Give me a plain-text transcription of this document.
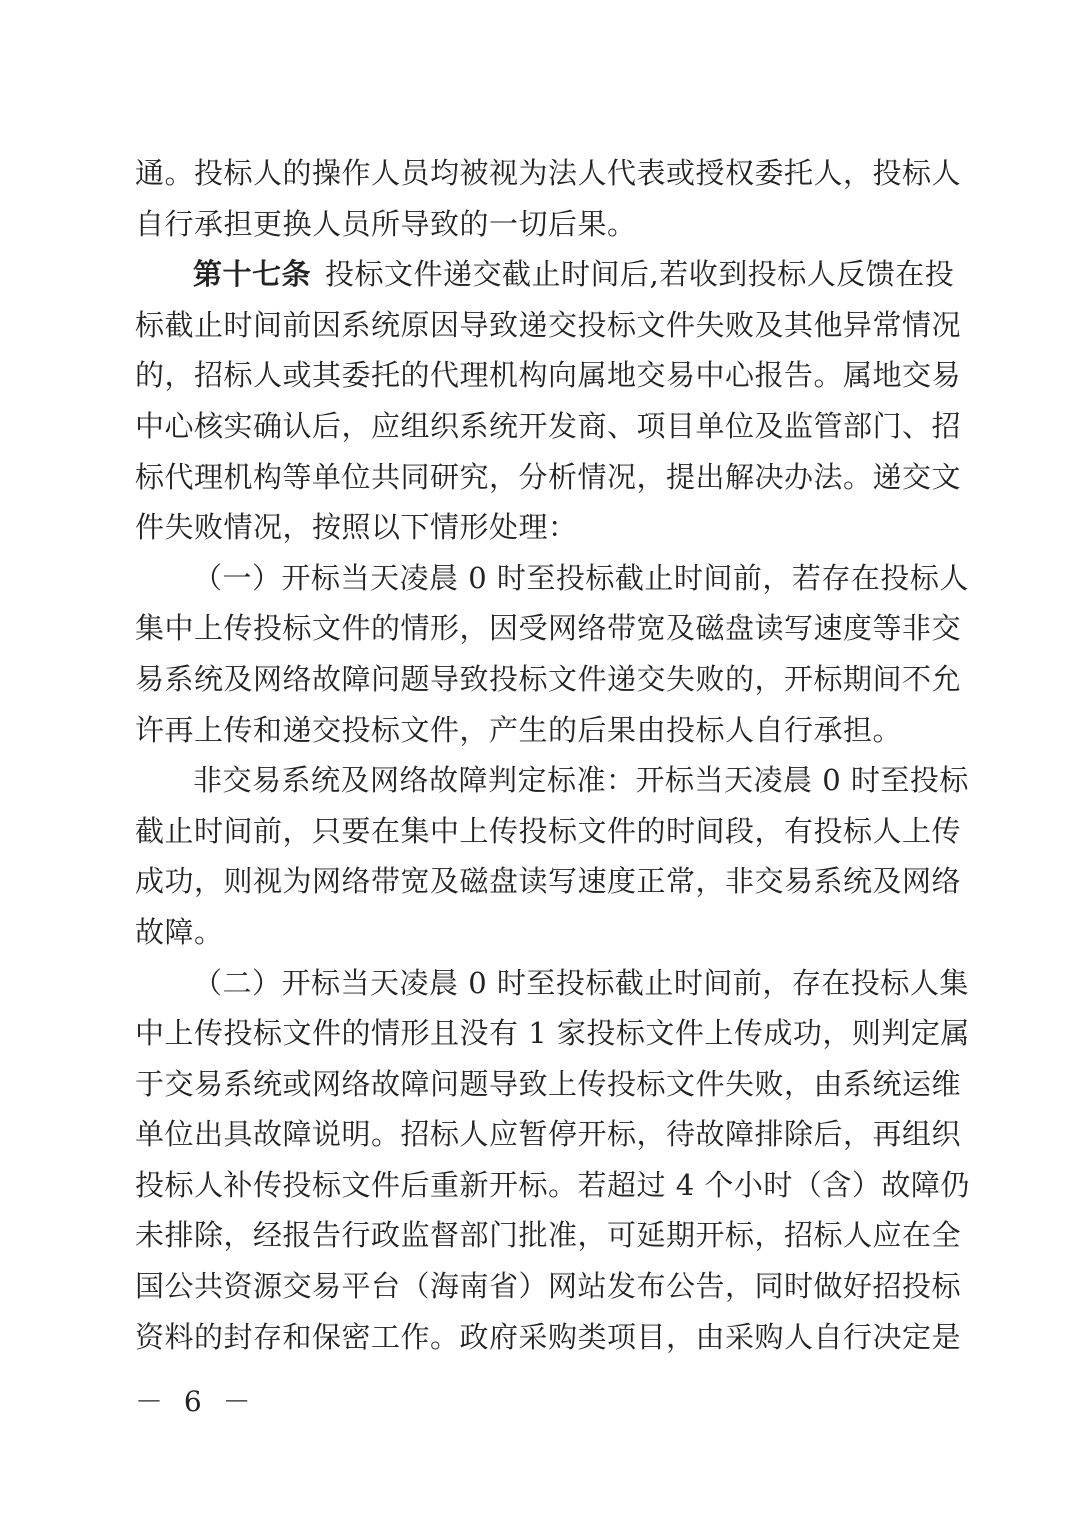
通。投标人的操作人员均被视为法人代表或授权委托人，投标人
自行承担更换人员所导致的一切后果。
第十七条 投标文件递交截止时间后,若收到投标人反馈在投
标截止时间前因系统原因导致递交投标文件失败及其他异常情况
的，招标人或其委托的代理机构向属地交易中心报告。属地交易
中心核实确认后，应组织系统开发商、项目单位及监管部门、招
标代理机构等单位共同研究，分析情况，提出解决办法。递交文
件失败情况，按照以下情形处理：
（一）开标当天凌晨 0 时至投标截止时间前，若存在投标人
集中上传投标文件的情形，因受网络带宽及磁盘读写速度等非交
易系统及网络故障问题导致投标文件递交失败的，开标期间不允
许再上传和递交投标文件，产生的后果由投标人自行承担。
非交易系统及网络故障判定标准：开标当天凌晨 0 时至投标
截止时间前，只要在集中上传投标文件的时间段，有投标人上传
成功，则视为网络带宽及磁盘读写速度正常，非交易系统及网络
故障。
（二）开标当天凌晨 0 时至投标截止时间前，存在投标人集
中上传投标文件的情形且没有 1 家投标文件上传成功，则判定属
于交易系统或网络故障问题导致上传投标文件失败，由系统运维
单位出具故障说明。招标人应暂停开标，待故障排除后，再组织
投标人补传投标文件后重新开标。若超过 4 个小时（含）故障仍
未排除，经报告行政监督部门批准，可延期开标，招标人应在全
国公共资源交易平台（海南省）网站发布公告，同时做好招投标
资料的封存和保密工作。政府采购类项目，由采购人自行决定是
－ 6 －
